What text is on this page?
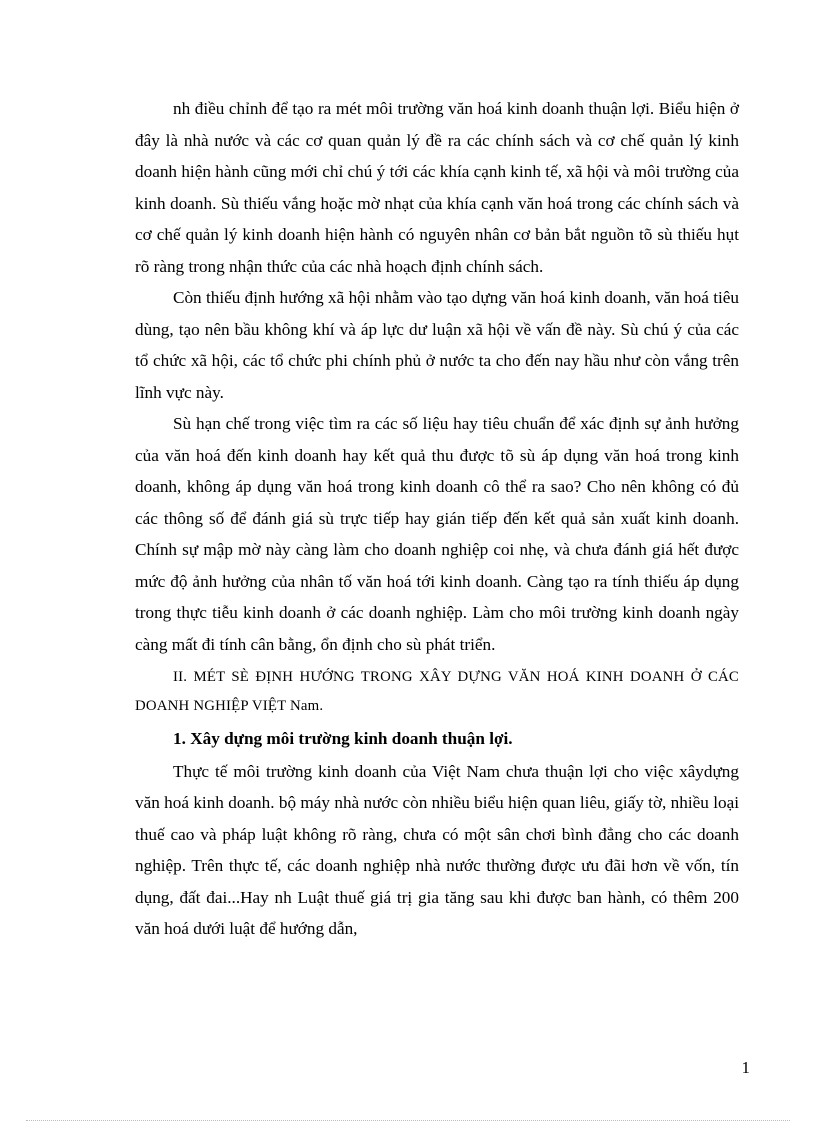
nh điều chỉnh để tạo ra mét môi trường văn hoá kinh doanh thuận lợi. Biểu hiện ở đây là nhà nước và các cơ quan quản lý đề ra các chính sách và cơ chế quản lý kinh doanh hiện hành cũng mới chỉ chú ý tới các khía cạnh kinh tế, xã hội và môi trường của kinh doanh. Sù thiếu vắng hoặc mờ nhạt của khía cạnh văn hoá trong các chính sách và cơ chế quản lý kinh doanh hiện hành có nguyên nhân cơ bản bắt nguồn tõ sù thiếu hụt rõ ràng trong nhận thức của các nhà hoạch định chính sách.

Còn thiếu định hướng xã hội nhằm vào tạo dựng văn hoá kinh doanh, văn hoá tiêu dùng, tạo nên bầu không khí và áp lực dư luận xã hội về vấn đề này. Sù chú ý của các tổ chức xã hội, các tổ chức phi chính phủ ở nước ta cho đến nay hầu như còn vắng trên lĩnh vực này.

Sù hạn chế trong việc tìm ra các số liệu hay tiêu chuẩn để xác định sự ảnh hưởng của văn hoá đến kinh doanh hay kết quả thu được tõ sù áp dụng văn hoá trong kinh doanh, không áp dụng văn hoá trong kinh doanh cô thể ra sao? Cho nên không có đủ các thông số để đánh giá sù trực tiếp hay gián tiếp đến kết quả sản xuất kinh doanh. Chính sự mập mờ này càng làm cho doanh nghiệp coi nhẹ, và chưa đánh giá hết được mức độ ảnh hưởng của nhân tố văn hoá tới kinh doanh. Càng tạo ra tính thiếu áp dụng trong thực tiễu kinh doanh ở các doanh nghiệp. Làm cho môi trường kinh doanh ngày càng mất đi tính cân bằng, ổn định cho sù phát triển.

II. MÉT SÈ ĐỊNH HƯỚNG TRONG XÂY DỰNG VĂN HOÁ KINH DOANH Ở CÁC DOANH NGHIỆP VIỆT Nam.

1. Xây dựng môi trường kinh doanh thuận lợi.

Thực tế môi trường kinh doanh của Việt Nam chưa thuận lợi cho việc xâydựng văn hoá kinh doanh. bộ máy nhà nước còn nhiều biểu hiện quan liêu, giấy tờ, nhiều loại thuế cao và pháp luật không rõ ràng, chưa có một sân chơi bình đẳng cho các doanh nghiệp. Trên thực tế, các doanh nghiệp nhà nước thường được ưu đãi hơn về vốn, tín dụng, đất đai...Hay nh Luật thuế giá trị gia tăng sau khi được ban hành, có thêm 200 văn hoá dưới luật để hướng dẫn,

1
